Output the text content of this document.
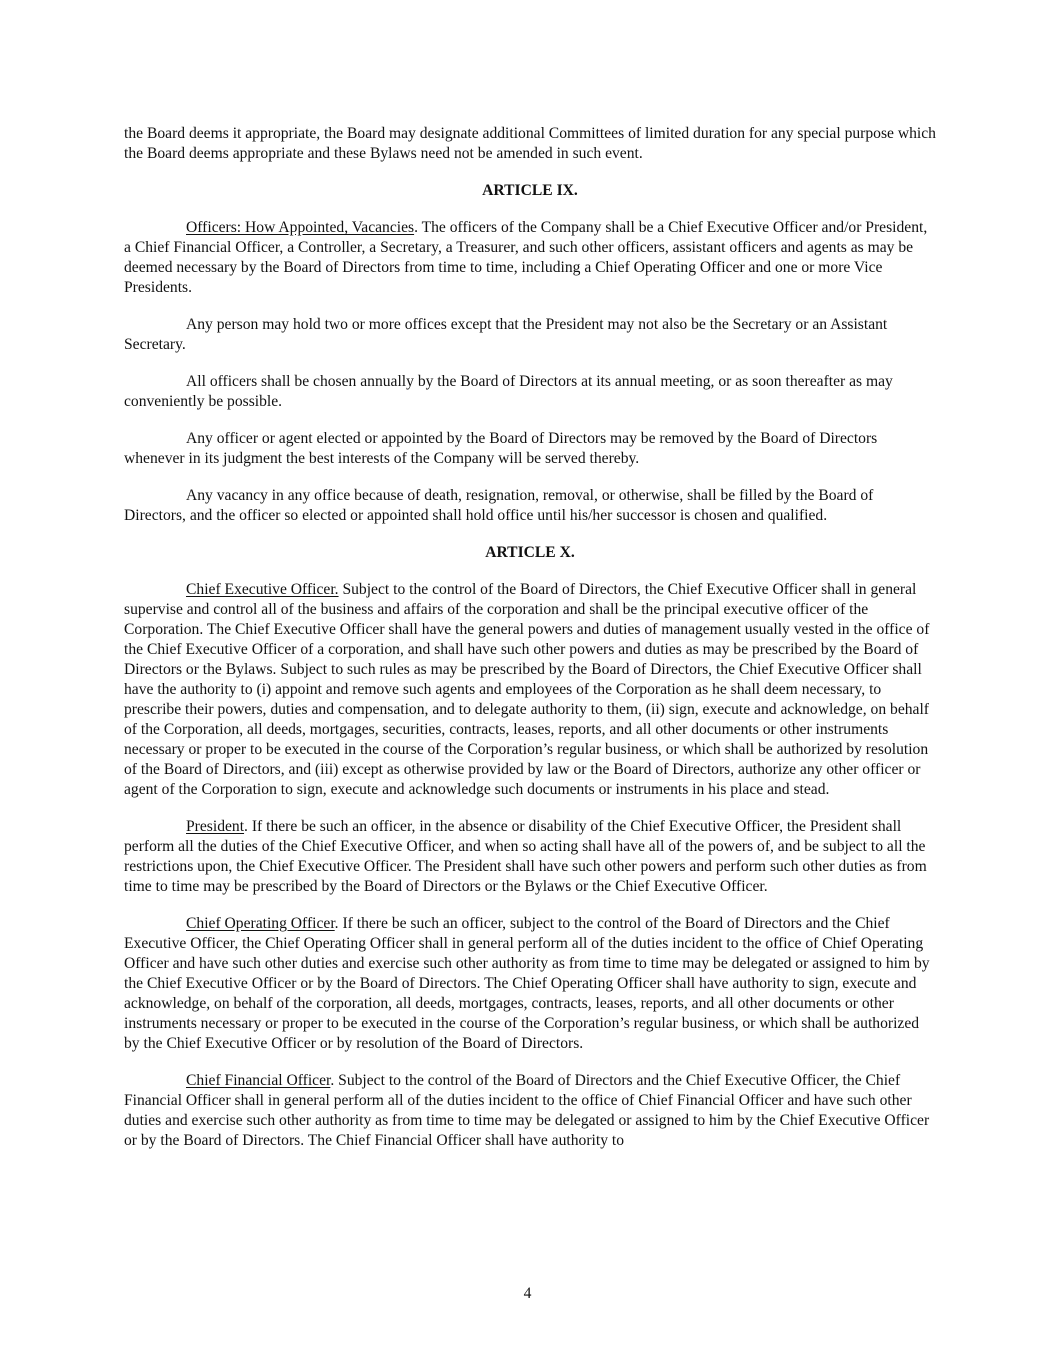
the Board deems it appropriate, the Board may designate additional Committees of limited duration for any special purpose which the Board deems appropriate and these Bylaws need not be amended in such event.

ARTICLE IX.

Officers: How Appointed, Vacancies. The officers of the Company shall be a Chief Executive Officer and/or President, a Chief Financial Officer, a Controller, a Secretary, a Treasurer, and such other officers, assistant officers and agents as may be deemed necessary by the Board of Directors from time to time, including a Chief Operating Officer and one or more Vice Presidents.

Any person may hold two or more offices except that the President may not also be the Secretary or an Assistant Secretary.

All officers shall be chosen annually by the Board of Directors at its annual meeting, or as soon thereafter as may conveniently be possible.

Any officer or agent elected or appointed by the Board of Directors may be removed by the Board of Directors whenever in its judgment the best interests of the Company will be served thereby.

Any vacancy in any office because of death, resignation, removal, or otherwise, shall be filled by the Board of Directors, and the officer so elected or appointed shall hold office until his/her successor is chosen and qualified.

ARTICLE X.

Chief Executive Officer. Subject to the control of the Board of Directors, the Chief Executive Officer shall in general supervise and control all of the business and affairs of the corporation and shall be the principal executive officer of the Corporation. The Chief Executive Officer shall have the general powers and duties of management usually vested in the office of the Chief Executive Officer of a corporation, and shall have such other powers and duties as may be prescribed by the Board of Directors or the Bylaws. Subject to such rules as may be prescribed by the Board of Directors, the Chief Executive Officer shall have the authority to (i) appoint and remove such agents and employees of the Corporation as he shall deem necessary, to prescribe their powers, duties and compensation, and to delegate authority to them, (ii) sign, execute and acknowledge, on behalf of the Corporation, all deeds, mortgages, securities, contracts, leases, reports, and all other documents or other instruments necessary or proper to be executed in the course of the Corporation’s regular business, or which shall be authorized by resolution of the Board of Directors, and (iii) except as otherwise provided by law or the Board of Directors, authorize any other officer or agent of the Corporation to sign, execute and acknowledge such documents or instruments in his place and stead.

President. If there be such an officer, in the absence or disability of the Chief Executive Officer, the President shall perform all the duties of the Chief Executive Officer, and when so acting shall have all of the powers of, and be subject to all the restrictions upon, the Chief Executive Officer. The President shall have such other powers and perform such other duties as from time to time may be prescribed by the Board of Directors or the Bylaws or the Chief Executive Officer.

Chief Operating Officer. If there be such an officer, subject to the control of the Board of Directors and the Chief Executive Officer, the Chief Operating Officer shall in general perform all of the duties incident to the office of Chief Operating Officer and have such other duties and exercise such other authority as from time to time may be delegated or assigned to him by the Chief Executive Officer or by the Board of Directors. The Chief Operating Officer shall have authority to sign, execute and acknowledge, on behalf of the corporation, all deeds, mortgages, contracts, leases, reports, and all other documents or other instruments necessary or proper to be executed in the course of the Corporation’s regular business, or which shall be authorized by the Chief Executive Officer or by resolution of the Board of Directors.

Chief Financial Officer. Subject to the control of the Board of Directors and the Chief Executive Officer, the Chief Financial Officer shall in general perform all of the duties incident to the office of Chief Financial Officer and have such other duties and exercise such other authority as from time to time may be delegated or assigned to him by the Chief Executive Officer or by the Board of Directors. The Chief Financial Officer shall have authority to

4
